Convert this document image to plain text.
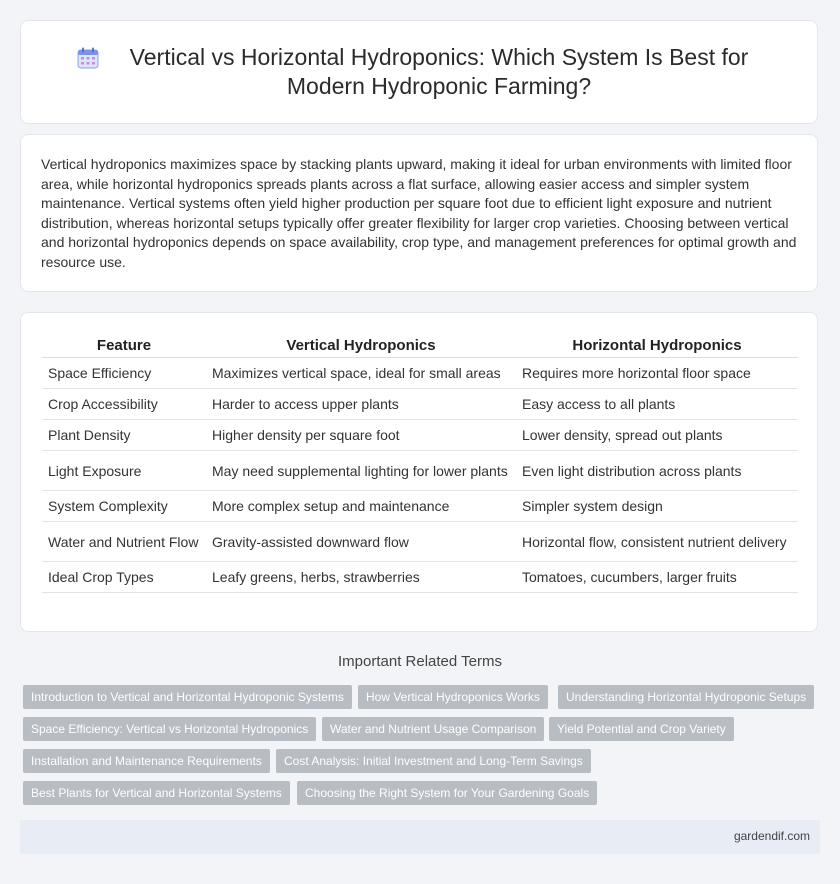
Vertical vs Horizontal Hydroponics: Which System Is Best for Modern Hydroponic Farming?

Vertical hydroponics maximizes space by stacking plants upward, making it ideal for urban environments with limited floor area, while horizontal hydroponics spreads plants across a flat surface, allowing easier access and simpler system maintenance. Vertical systems often yield higher production per square foot due to efficient light exposure and nutrient distribution, whereas horizontal setups typically offer greater flexibility for larger crop varieties. Choosing between vertical and horizontal hydroponics depends on space availability, crop type, and management preferences for optimal growth and resource use.

Feature	Vertical Hydroponics	Horizontal Hydroponics
Space Efficiency	Maximizes vertical space, ideal for small areas	Requires more horizontal floor space
Crop Accessibility	Harder to access upper plants	Easy access to all plants
Plant Density	Higher density per square foot	Lower density, spread out plants
Light Exposure	May need supplemental lighting for lower plants	Even light distribution across plants
System Complexity	More complex setup and maintenance	Simpler system design
Water and Nutrient Flow	Gravity-assisted downward flow	Horizontal flow, consistent nutrient delivery
Ideal Crop Types	Leafy greens, herbs, strawberries	Tomatoes, cucumbers, larger fruits
Important Related Terms
Introduction to Vertical and Horizontal Hydroponic Systems	How Vertical Hydroponics Works	Understanding Horizontal Hydroponic Setups
Space Efficiency: Vertical vs Horizontal Hydroponics	Water and Nutrient Usage Comparison	Yield Potential and Crop Variety
Installation and Maintenance Requirements	Cost Analysis: Initial Investment and Long-Term Savings
Best Plants for Vertical and Horizontal Systems	Choosing the Right System for Your Gardening Goals
gardendif.com
